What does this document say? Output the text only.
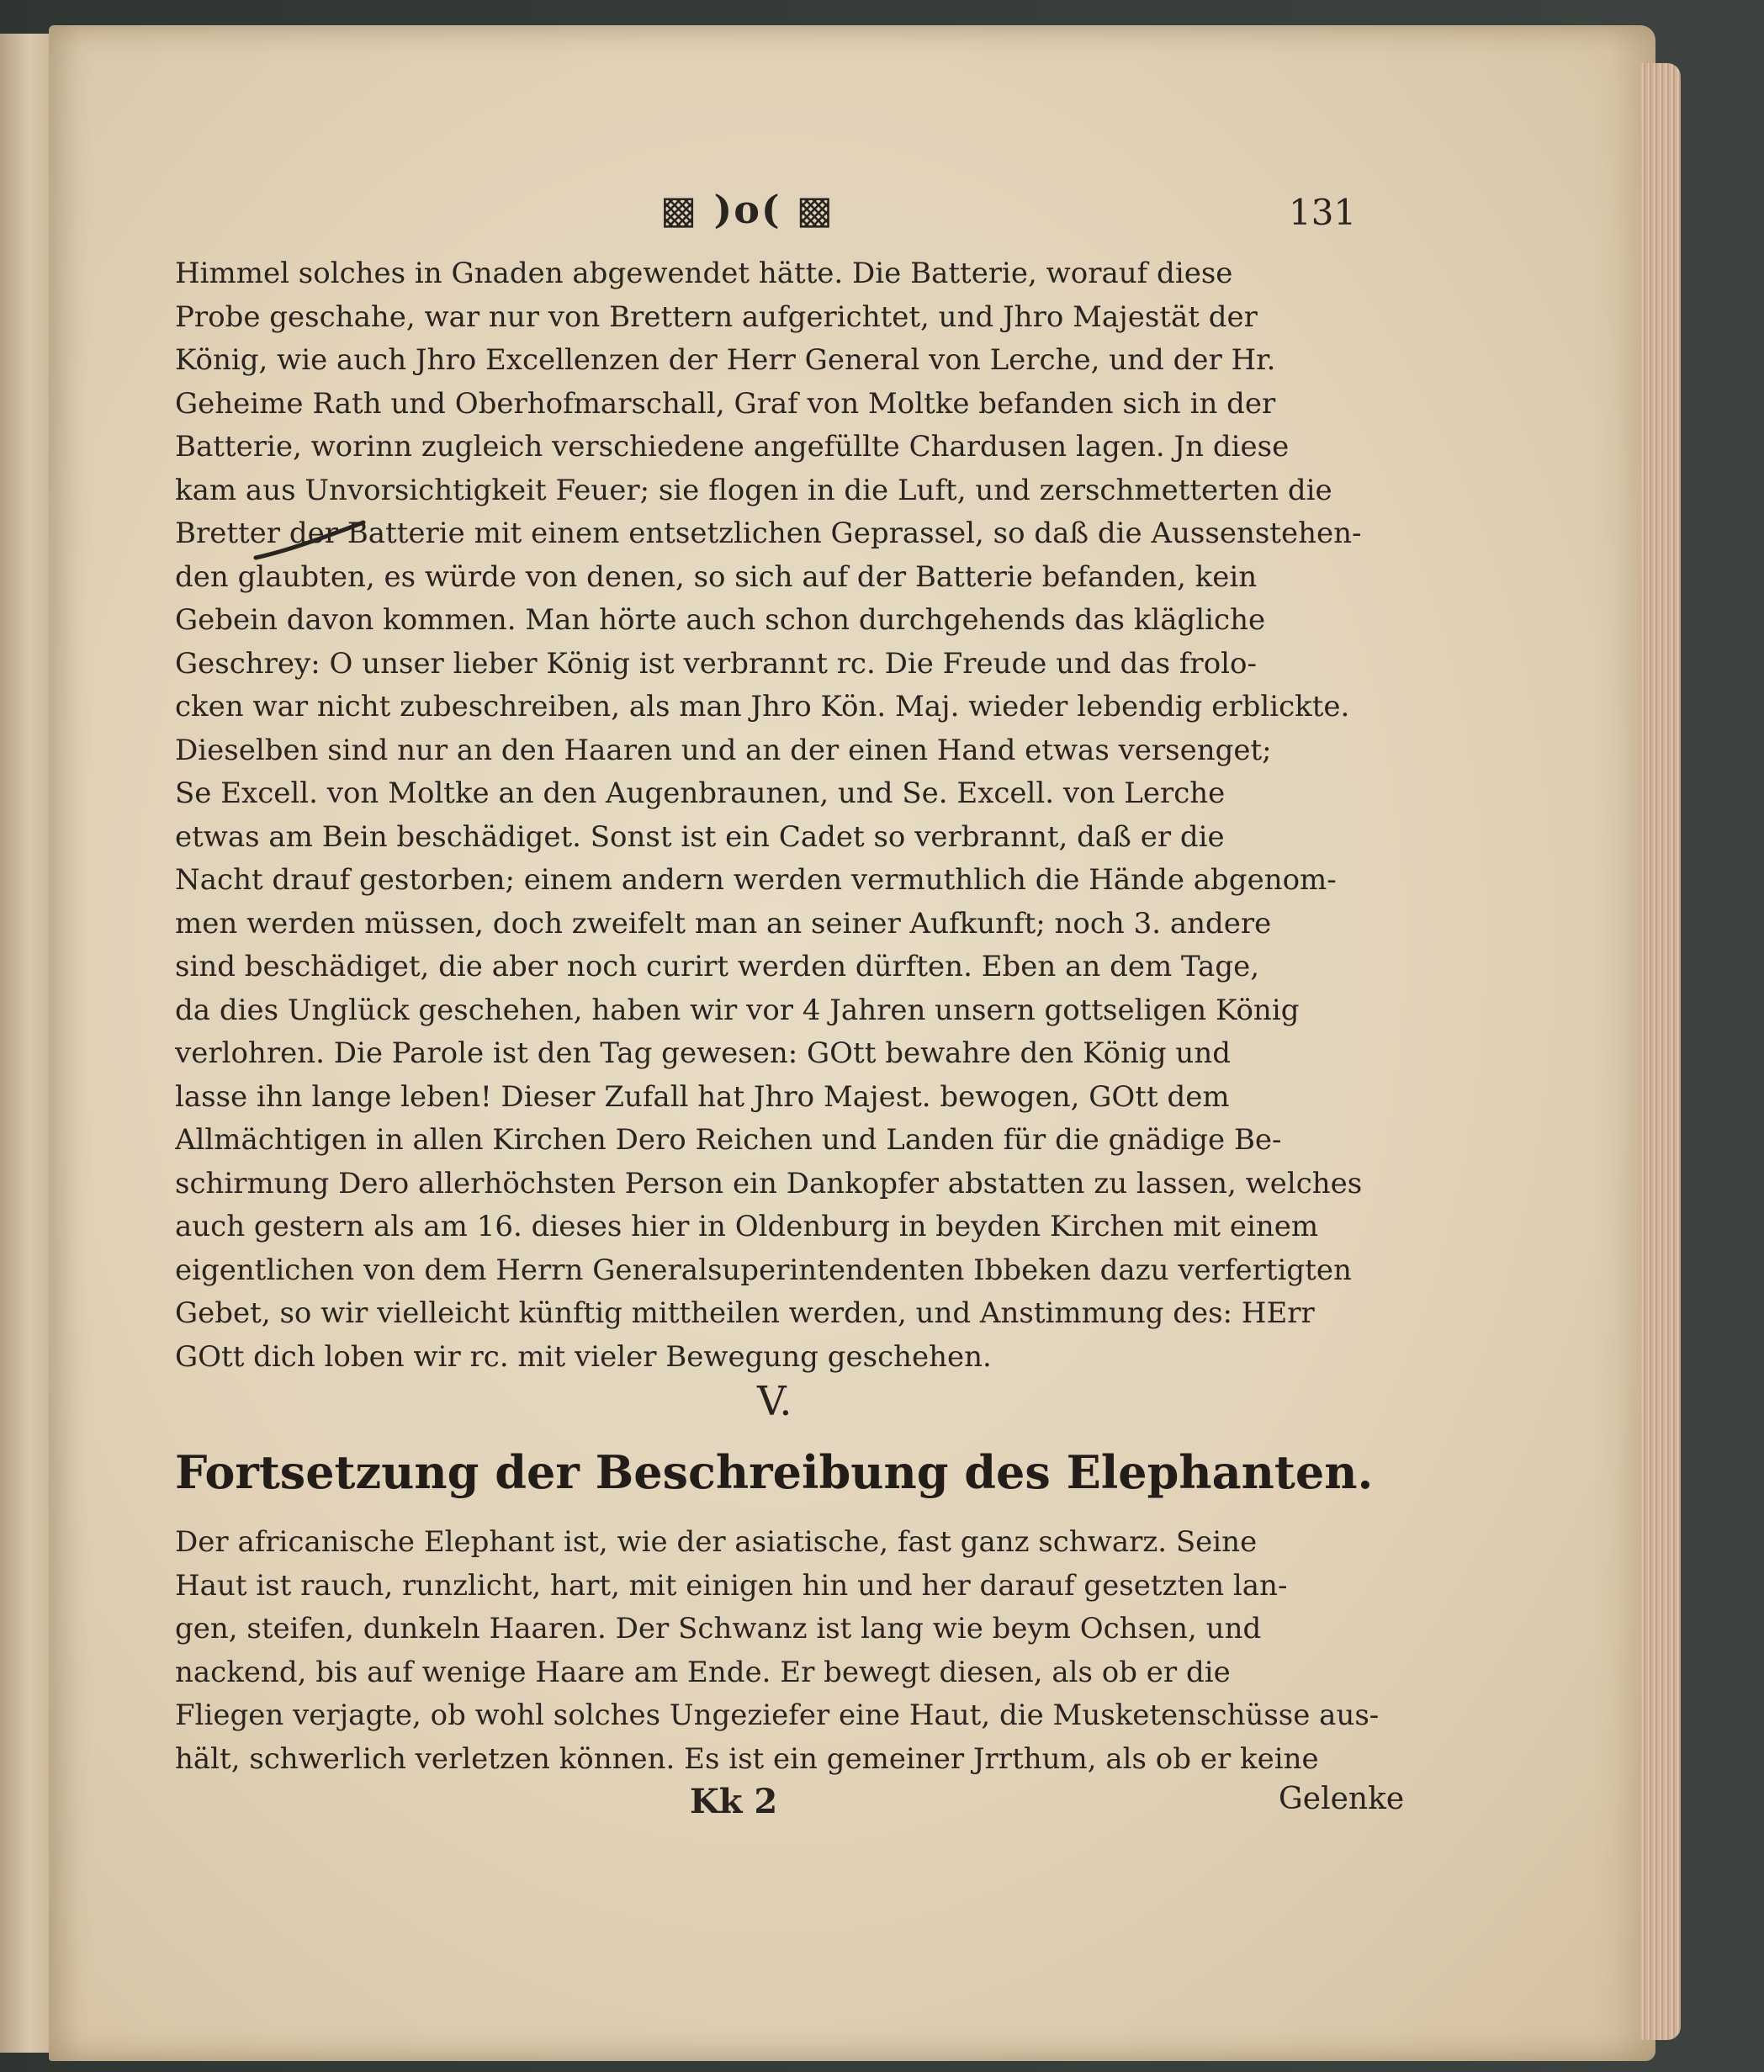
▩ )o( ▩	131
Himmel solches in Gnaden abgewendet hätte. Die Batterie, worauf diese
Probe geschahe, war nur von Brettern aufgerichtet, und Jhro Majestät der
König, wie auch Jhro Excellenzen der Herr General von Lerche, und der Hr.
Geheime Rath und Oberhofmarschall, Graf von Moltke befanden sich in der
Batterie, worinn zugleich verschiedene angefüllte Chardusen lagen. Jn diese
kam aus Unvorsichtigkeit Feuer; sie flogen in die Luft, und zerschmetterten die
Bretter der Batterie mit einem entsetzlichen Geprassel, so daß die Aussenstehen-
den glaubten, es würde von denen, so sich auf der Batterie befanden, kein
Gebein davon kommen. Man hörte auch schon durchgehends das klägliche
Geschrey: O unser lieber König ist verbrannt rc. Die Freude und das frolo-
cken war nicht zubeschreiben, als man Jhro Kön. Maj. wieder lebendig erblickte.
Dieselben sind nur an den Haaren und an der einen Hand etwas versenget;
Se Excell. von Moltke an den Augenbraunen, und Se. Excell. von Lerche
etwas am Bein beschädiget. Sonst ist ein Cadet so verbrannt, daß er die
Nacht drauf gestorben; einem andern werden vermuthlich die Hände abgenom-
men werden müssen, doch zweifelt man an seiner Aufkunft; noch 3. andere
sind beschädiget, die aber noch curirt werden dürften. Eben an dem Tage,
da dies Unglück geschehen, haben wir vor 4 Jahren unsern gottseligen König
verlohren. Die Parole ist den Tag gewesen: GOtt bewahre den König und
lasse ihn lange leben! Dieser Zufall hat Jhro Majest. bewogen, GOtt dem
Allmächtigen in allen Kirchen Dero Reichen und Landen für die gnädige Be-
schirmung Dero allerhöchsten Person ein Dankopfer abstatten zu lassen, welches
auch gestern als am 16. dieses hier in Oldenburg in beyden Kirchen mit einem
eigentlichen von dem Herrn Generalsuperintendenten Ibbeken dazu verfertigten
Gebet, so wir vielleicht künftig mittheilen werden, und Anstimmung des: HErr
GOtt dich loben wir rc. mit vieler Bewegung geschehen.
V.
Fortsetzung der Beschreibung des Elephanten.
Der africanische Elephant ist, wie der asiatische, fast ganz schwarz. Seine
Haut ist rauch, runzlicht, hart, mit einigen hin und her darauf gesetzten lan-
gen, steifen, dunkeln Haaren. Der Schwanz ist lang wie beym Ochsen, und
nackend, bis auf wenige Haare am Ende. Er bewegt diesen, als ob er die
Fliegen verjagte, ob wohl solches Ungeziefer eine Haut, die Musketenschüsse aus-
hält, schwerlich verletzen können. Es ist ein gemeiner Jrrthum, als ob er keine
Kk 2	Gelenke
